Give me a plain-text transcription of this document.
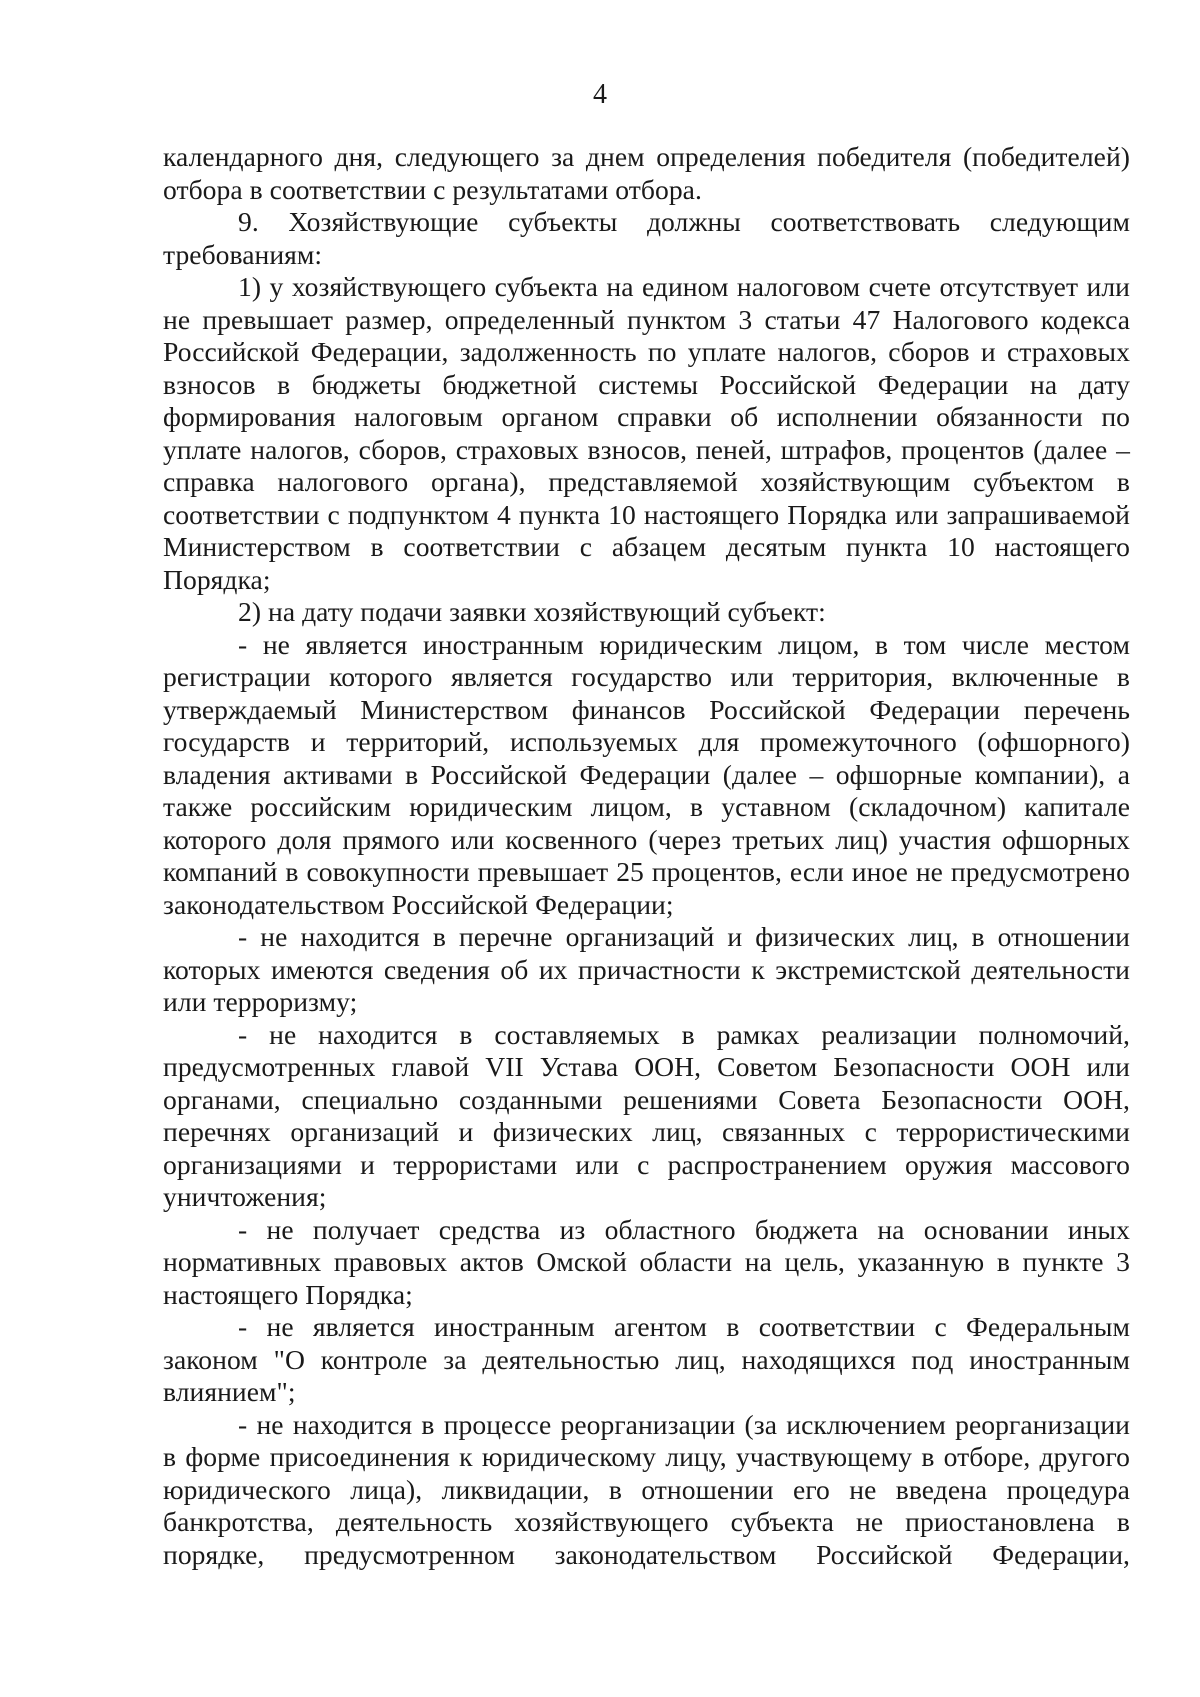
4

календарного дня, следующего за днем определения победителя (победителей) отбора в соответствии с результатами отбора.

9. Хозяйствующие субъекты должны соответствовать следующим требованиям:

1) у хозяйствующего субъекта на едином налоговом счете отсутствует или не превышает размер, определенный пунктом 3 статьи 47 Налогового кодекса Российской Федерации, задолженность по уплате налогов, сборов и страховых взносов в бюджеты бюджетной системы Российской Федерации на дату формирования налоговым органом справки об исполнении обязанности по уплате налогов, сборов, страховых взносов, пеней, штрафов, процентов (далее – справка налогового органа), представляемой хозяйствующим субъектом в соответствии с подпунктом 4 пункта 10 настоящего Порядка или запрашиваемой Министерством в соответствии с абзацем десятым пункта 10 настоящего Порядка;

2) на дату подачи заявки хозяйствующий субъект:

- не является иностранным юридическим лицом, в том числе местом регистрации которого является государство или территория, включенные в утверждаемый Министерством финансов Российской Федерации перечень государств и территорий, используемых для промежуточного (офшорного) владения активами в Российской Федерации (далее – офшорные компании), а также российским юридическим лицом, в уставном (складочном) капитале которого доля прямого или косвенного (через третьих лиц) участия офшорных компаний в совокупности превышает 25 процентов, если иное не предусмотрено законодательством Российской Федерации;

- не находится в перечне организаций и физических лиц, в отношении которых имеются сведения об их причастности к экстремистской деятельности или терроризму;

- не находится в составляемых в рамках реализации полномочий, предусмотренных главой VII Устава ООН, Советом Безопасности ООН или органами, специально созданными решениями Совета Безопасности ООН, перечнях организаций и физических лиц, связанных с террористическими организациями и террористами или с распространением оружия массового уничтожения;

- не получает средства из областного бюджета на основании иных нормативных правовых актов Омской области на цель, указанную в пункте 3 настоящего Порядка;

- не является иностранным агентом в соответствии с Федеральным законом "О контроле за деятельностью лиц, находящихся под иностранным влиянием";

- не находится в процессе реорганизации (за исключением реорганизации в форме присоединения к юридическому лицу, участвующему в отборе, другого юридического лица), ликвидации, в отношении его не введена процедура банкротства, деятельность хозяйствующего субъекта не приостановлена в порядке, предусмотренном законодательством Российской Федерации,
